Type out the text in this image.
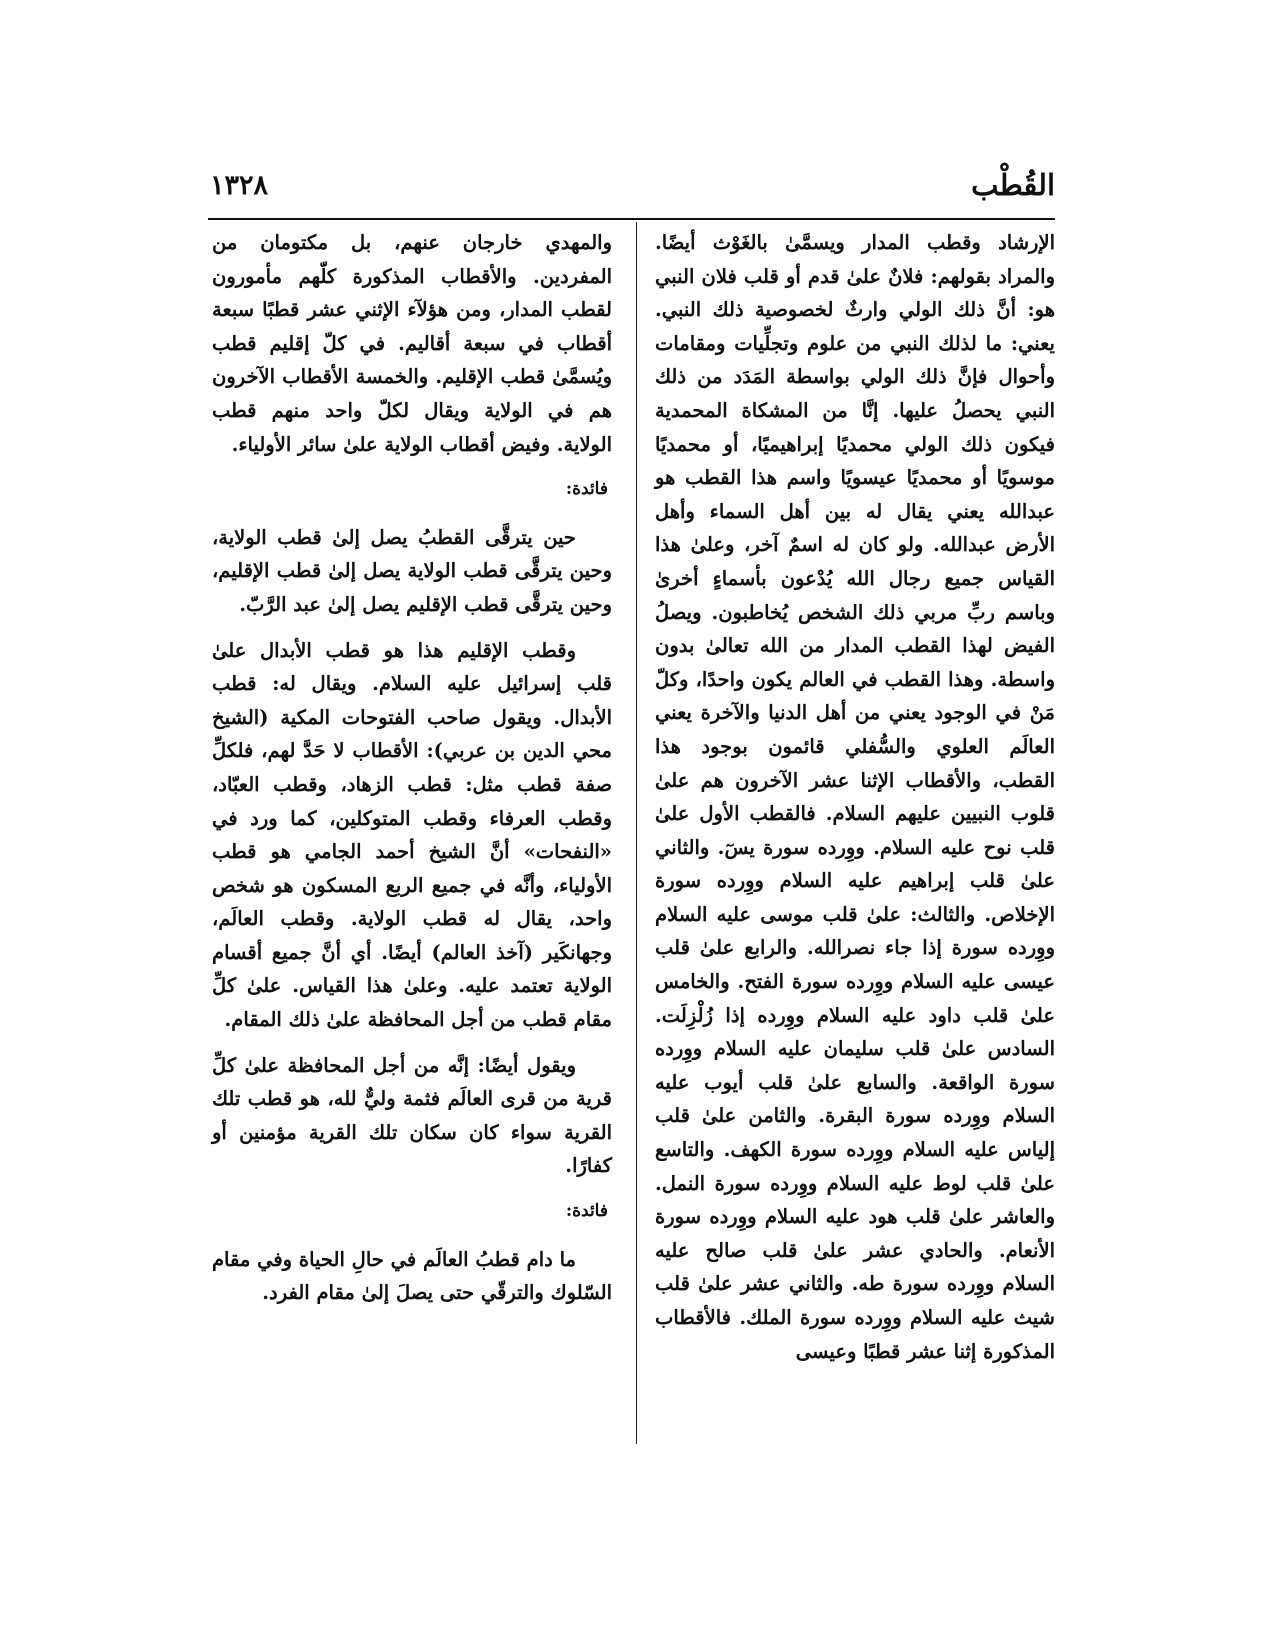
القُطْب
١٣٢٨

الإرشاد وقطب المدار ويسمَّىٰ بالغَوْث أيضًا. والمراد بقولهم: فلانٌ علىٰ قدم أو قلب فلان النبي هو: أنَّ ذلك الولي وارثٌ لخصوصية ذلك النبي. يعني: ما لذلك النبي من علوم وتجلِّيات ومقامات وأحوال فإنَّ ذلك الولي بواسطة المَدَد من ذلك النبي يحصلُ عليها. إنَّا من المشكاة المحمدية فيكون ذلك الولي محمديًا إبراهيميًا، أو محمديًا موسويًا أو محمديًا عيسويًا واسم هذا القطب هو عبدالله يعني يقال له بين أهل السماء وأهل الأرض عبدالله. ولو كان له اسمٌ آخر، وعلىٰ هذا القياس جميع رجال الله يُدْعون بأسماءٍ أخرىٰ وباسم ربِّ مربي ذلك الشخص يُخاطبون. ويصلُ الفيض لهذا القطب المدار من الله تعالىٰ بدون واسطة. وهذا القطب في العالم يكون واحدًا، وكلّ مَنْ في الوجود يعني من أهل الدنيا والآخرة يعني العالَم العلوي والسُّفلي قائمون بوجود هذا القطب، والأقطاب الإثنا عشر الآخرون هم علىٰ قلوب النبيين عليهم السلام. فالقطب الأول علىٰ قلب نوح عليه السلام. ووِرده سورة يسٓ. والثاني علىٰ قلب إبراهيم عليه السلام ووِرده سورة الإخلاص. والثالث: علىٰ قلب موسى عليه السلام ووِرده سورة إذا جاء نصرالله. والرابع علىٰ قلب عيسى عليه السلام ووِرده سورة الفتح. والخامس علىٰ قلب داود عليه السلام ووِرده إذا زُلْزِلَت. السادس علىٰ قلب سليمان عليه السلام ووِرده سورة الواقعة. والسابع علىٰ قلب أيوب عليه السلام ووِرده سورة البقرة. والثامن علىٰ قلب إلياس عليه السلام ووِرده سورة الكهف. والتاسع علىٰ قلب لوط عليه السلام ووِرده سورة النمل. والعاشر علىٰ قلب هود عليه السلام ووِرده سورة الأنعام. والحادي عشر علىٰ قلب صالح عليه السلام ووِرده سورة طه. والثاني عشر علىٰ قلب شيث عليه السلام ووِرده سورة الملك. فالأقطاب المذكورة إثنا عشر قطبًا وعيسى

والمهدي خارجان عنهم، بل مكتومان من المفردين. والأقطاب المذكورة كلّهم مأمورون لقطب المدار، ومن هؤلآء الإثني عشر قطبًا سبعة أقطاب في سبعة أقاليم. في كلّ إقليم قطب ويُسمَّىٰ قطب الإقليم. والخمسة الأقطاب الآخرون هم في الولاية ويقال لكلّ واحد منهم قطب الولاية. وفيض أقطاب الولاية علىٰ سائر الأولياء.

فائدة:

حين يترقَّى القطبُ يصل إلىٰ قطب الولاية، وحين يترقَّى قطب الولاية يصل إلىٰ قطب الإقليم، وحين يترقَّى قطب الإقليم يصل إلىٰ عبد الرَّبّ.

وقطب الإقليم هذا هو قطب الأبدال علىٰ قلب إسرائيل عليه السلام. ويقال له: قطب الأبدال. ويقول صاحب الفتوحات المكية (الشيخ محي الدين بن عربي): الأقطاب لا حَدَّ لهم، فلكلِّ صفة قطب مثل: قطب الزهاد، وقطب العبّاد، وقطب العرفاء وقطب المتوكلين، كما ورد في «النفحات» أنَّ الشيخ أحمد الجامي هو قطب الأولياء، وأنَّه في جميع الربع المسكون هو شخص واحد، يقال له قطب الولاية. وقطب العالَم، وجهانكَير (آخذ العالم) أيضًا. أي أنَّ جميع أقسام الولاية تعتمد عليه. وعلىٰ هذا القياس. علىٰ كلِّ مقام قطب من أجل المحافظة علىٰ ذلك المقام.

ويقول أيضًا: إنَّه من أجل المحافظة علىٰ كلِّ قرية من قرى العالَم فثمة وليٌّ لله، هو قطب تلك القرية سواء كان سكان تلك القرية مؤمنين أو كفارًا.

فائدة:

ما دام قطبُ العالَم في حالِ الحياة وفي مقام السّلوك والترقّي حتى يصلَ إلىٰ مقام الفرد.
